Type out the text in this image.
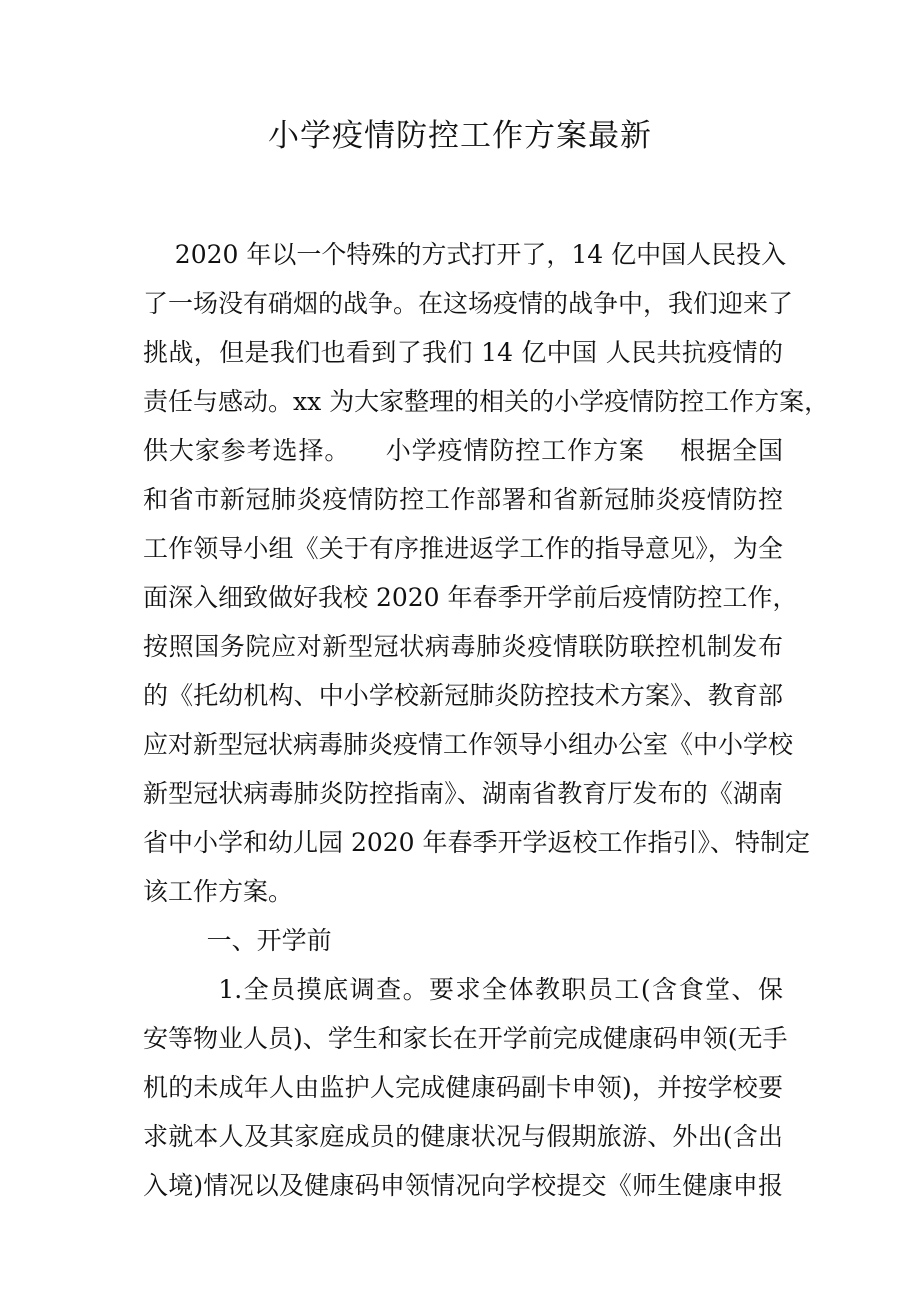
小学疫情防控工作方案最新

2020 年以一个特殊的方式打开了，14 亿中国人民投入

了一场没有硝烟的战争。在这场疫情的战争中，我们迎来了

挑战，但是我们也看到了我们 14 亿中国 人民共抗疫情的

责任与感动。xx 为大家整理的相关的小学疫情防控工作方案，

供大家参考选择。    小学疫情防控工作方案    根据全国

和省市新冠肺炎疫情防控工作部署和省新冠肺炎疫情防控

工作领导小组《关于有序推进返学工作的指导意见》，为全

面深入细致做好我校 2020 年春季开学前后疫情防控工作，

按照国务院应对新型冠状病毒肺炎疫情联防联控机制发布

的《托幼机构、中小学校新冠肺炎防控技术方案》、教育部

应对新型冠状病毒肺炎疫情工作领导小组办公室《中小学校

新型冠状病毒肺炎防控指南》、湖南省教育厅发布的《湖南

省中小学和幼儿园 2020 年春季开学返校工作指引》、特制定

该工作方案。

一、开学前

1.全员摸底调查。要求全体教职员工(含食堂、保

安等物业人员)、学生和家长在开学前完成健康码申领(无手

机的未成年人由监护人完成健康码副卡申领)，并按学校要

求就本人及其家庭成员的健康状况与假期旅游、外出(含出

入境)情况以及健康码申领情况向学校提交《师生健康申报
